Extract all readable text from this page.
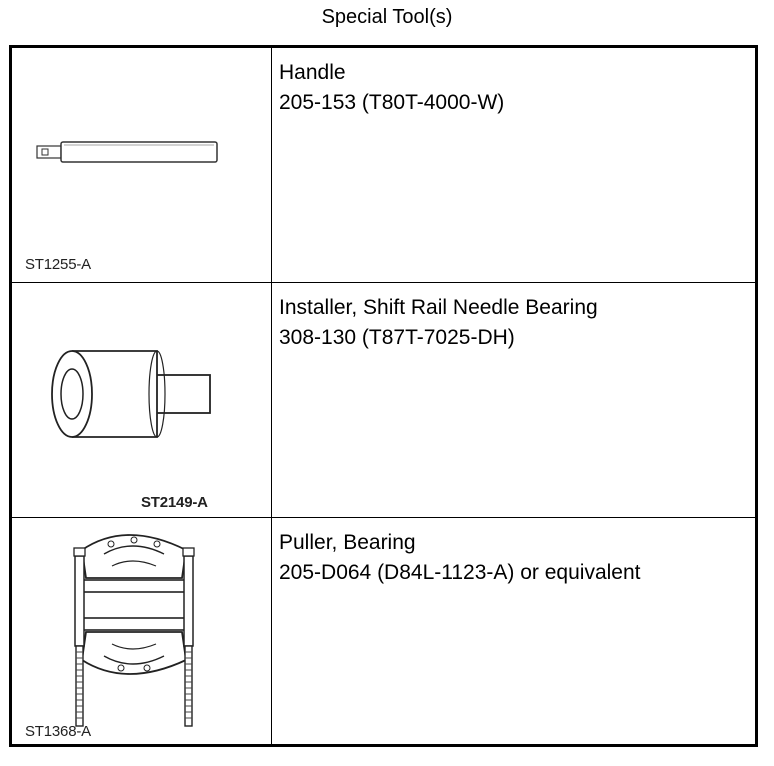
Special Tool(s)
ST1255-A
Handle
205-153 (T80T-4000-W)
ST2149-A
Installer, Shift Rail Needle Bearing
308-130 (T87T-7025-DH)
ST1368-A
Puller, Bearing
205-D064 (D84L-1123-A) or equivalent
